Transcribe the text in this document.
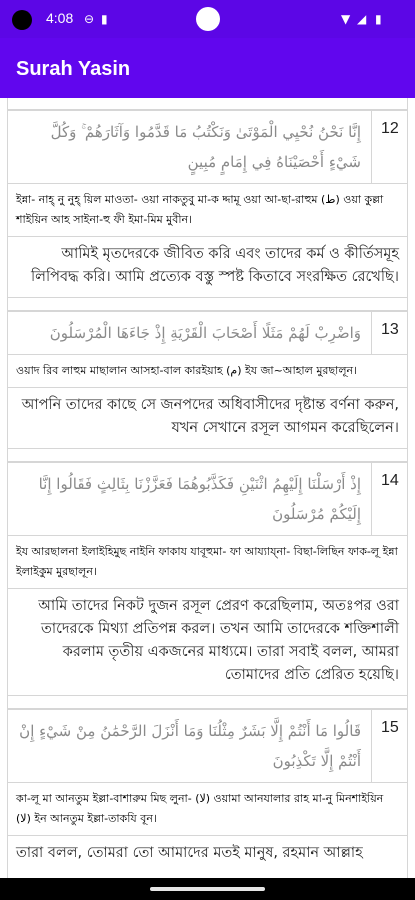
4:08 ⊖ ▮	▼ ◢ ▮
Surah Yasin
إِنَّا نَحْنُ نُحْيِي الْمَوْتَىٰ وَنَكْتُبُ مَا قَدَّمُوا وَآثَارَهُمْ ۚ وَكُلَّ شَيْءٍ أَحْصَيْنَاهُ فِي إِمَامٍ مُبِينٍ
12
ইন্না- নাহ্ নু নুহ্ য়িল মাওতা- ওয়া নাকতুবু মা-ক দ্দামূ ওয়া আ-ছা-রাহুম (ط) ওয়া কুল্লা শাইয়িন আহ সাইনা-হু ফী ইমা-মিম মুবীন।
আমিই মৃতদেরকে জীবিত করি এবং তাদের কর্ম ও কীর্তিসমূহ লিপিবদ্ধ করি। আমি প্রত্যেক বস্তু স্পষ্ট কিতাবে সংরক্ষিত রেখেছি।
وَاضْرِبْ لَهُمْ مَثَلًا أَصْحَابَ الْقَرْيَةِ إِذْ جَاءَهَا الْمُرْسَلُونَ	13
ওয়াদ রিব লাহুম মাছালান আসহা-বাল কারইয়াহ (م) ইয জা~আহাল মুরছালূন।
আপনি তাদের কাছে সে জনপদের অধিবাসীদের দৃষ্টান্ত বর্ণনা করুন, যখন সেখানে রসূল আগমন করেছিলেন।
إِذْ أَرْسَلْنَا إِلَيْهِمُ اثْنَيْنِ فَكَذَّبُوهُمَا فَعَزَّزْنَا بِثَالِثٍ فَقَالُوا إِنَّا إِلَيْكُمْ مُرْسَلُونَ
14
ইয আরছালনা ইলাইহিমুছ নাইনি ফাকায যাবূহুমা- ফা আয্যায্না- বিছা-লিছিন ফাক-লূ ইন্না ইলাইকুম মুরছালূন।
আমি তাদের নিকট দুজন রসূল প্রেরণ করেছিলাম, অতঃপর ওরা তাদেরকে মিথ্যা প্রতিপন্ন করল। তখন আমি তাদেরকে শক্তিশালী করলাম তৃতীয় একজনের মাধ্যমে। তারা সবাই বলল, আমরা তোমাদের প্রতি প্রেরিত হয়েছি।
قَالُوا مَا أَنْتُمْ إِلَّا بَشَرٌ مِثْلُنَا وَمَا أَنْزَلَ الرَّحْمَٰنُ مِنْ شَيْءٍ إِنْ أَنْتُمْ إِلَّا تَكْذِبُونَ
15
কা-লূ মা আনতুম ইল্লা-বাশারুম মিছ লুনা- (لا) ওয়ামা আনযালার রাহ মা-নু মিনশাইয়িন (لا) ইন আনতুম ইল্লা-তাকযি বূন।
তারা বলল, তোমরা তো আমাদের মতই মানুষ, রহমান আল্লাহ
